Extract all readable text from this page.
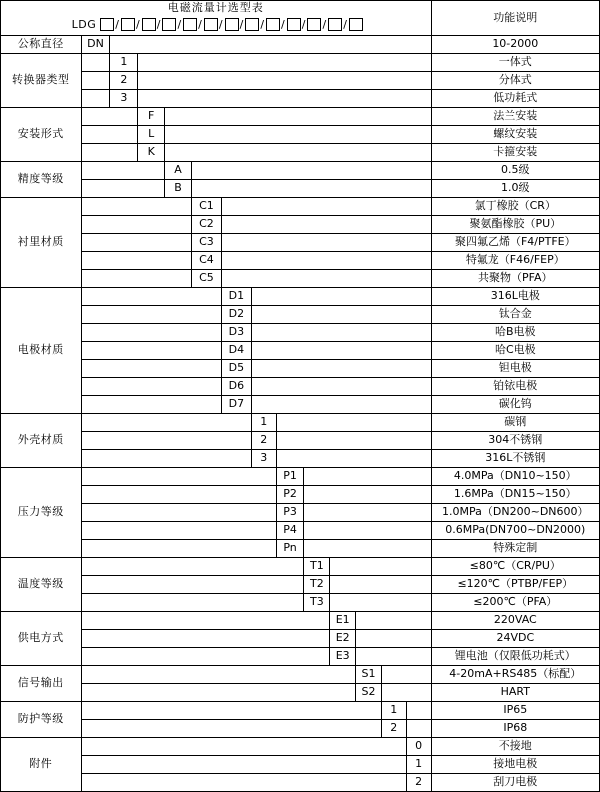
电磁流量计选型表
LDG	/ / / / / / / / / / / /
	功能说明
公称直径	DN													10-2000
转换器类型		1												一体式
		2												分体式
		3												低功耗式
安装形式			F											法兰安装
			L											螺纹安装
			K											卡箍安装
精度等级				A										0.5级
				B										1.0级
衬里材质					C1									氯丁橡胶（CR）
					C2									聚氨酯橡胶（PU）
					C3									聚四氟乙烯（F4/PTFE）
					C4									特氟龙（F46/FEP）
					C5									共聚物（PFA）
电极材质						D1								316L电极
						D2								钛合金
						D3								哈B电极
						D4								哈C电极
						D5								钽电极
						D6								铂铱电极
						D7								碳化钨
外壳材质							1							碳钢
							2							304不锈钢
							3							316L不锈钢
压力等级								P1						4.0MPa（DN10~150）
								P2						1.6MPa（DN15~150）
								P3						1.0MPa（DN200~DN600）
								P4						0.6MPa(DN700~DN2000)
								Pn						特殊定制
温度等级									T1					≤80℃（CR/PU）
									T2					≤120℃（PTBP/FEP）
									T3					≤200℃（PFA）
供电方式										E1				220VAC
										E2				24VDC
										E3				锂电池（仅限低功耗式）
信号输出											S1			4-20mA+RS485（标配）
											S2			HART
防护等级												1		IP65
												2		IP68
附件													0	不接地
													1	接地电极
													2	刮刀电极
